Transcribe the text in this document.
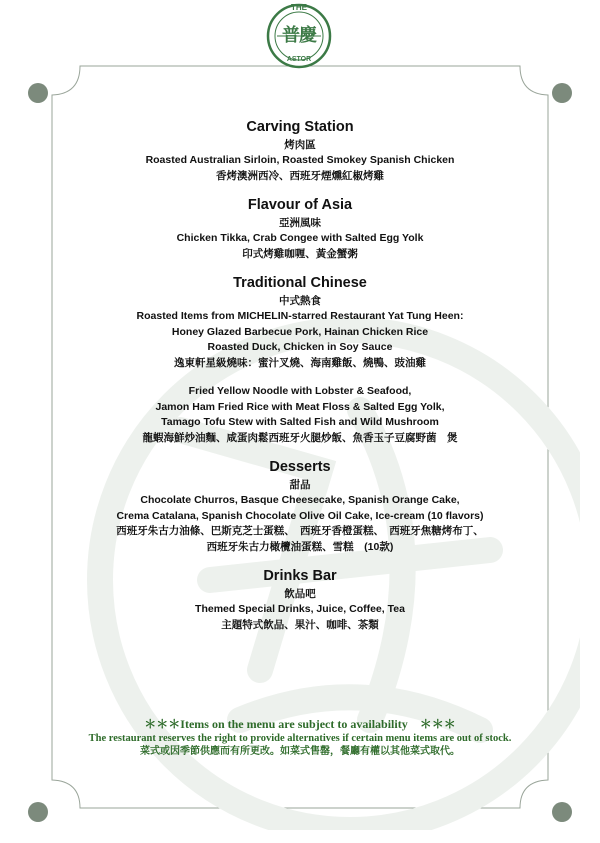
THE
普慶
ASTOR
Carving Station
烤肉區
Roasted Australian Sirloin, Roasted Smokey Spanish Chicken
香烤澳洲西冷、西班牙煙燻紅椒烤雞
Flavour of Asia
亞洲風味
Chicken Tikka, Crab Congee with Salted Egg Yolk
印式烤雞咖喱、黃金蟹粥
Traditional Chinese
中式熱食
Roasted Items from MICHELIN-starred Restaurant Yat Tung Heen:
Honey Glazed Barbecue Pork, Hainan Chicken Rice
Roasted Duck, Chicken in Soy Sauce
逸東軒星級燒味：蜜汁叉燒、海南雞飯、燒鴨、豉油雞
Fried Yellow Noodle with Lobster & Seafood,
Jamon Ham Fried Rice with Meat Floss & Salted Egg Yolk,
Tamago Tofu Stew with Salted Fish and Wild Mushroom
龍蝦海鮮炒油麵、咸蛋肉鬆西班牙火腿炒飯、魚香玉子豆腐野菌　煲
Desserts
甜品
Chocolate Churros, Basque Cheesecake, Spanish Orange Cake,
Crema Catalana, Spanish Chocolate Olive Oil Cake, Ice-cream (10 flavors)
西班牙朱古力油條、巴斯克芝士蛋糕、　西班牙香橙蛋糕、　西班牙焦糖烤布丁、
西班牙朱古力橄欖油蛋糕、雪糕　(10款)
Drinks Bar
飲品吧
Themed Special Drinks, Juice, Coffee, Tea
主題特式飲品、果汁、咖啡、茶類
＊＊＊Items on the menu are subject to availability　＊＊＊
The restaurant reserves the right to provide alternatives if certain menu items are out of stock.
菜式或因季節供應而有所更改。如菜式售罄，餐廳有權以其他菜式取代。
